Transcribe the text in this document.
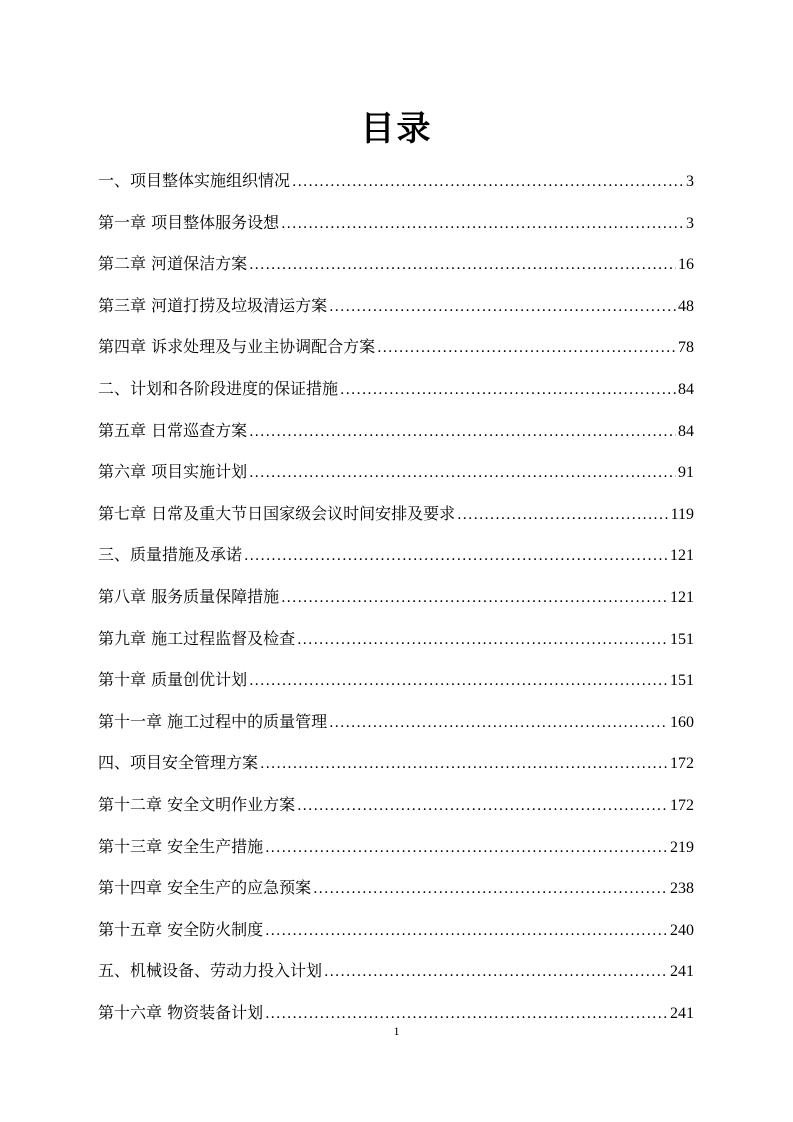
目录
一、项目整体实施组织情况 .....	3
第一章 项目整体服务设想 .....	3
第二章 河道保洁方案 .....	16
第三章 河道打捞及垃圾清运方案 .....	48
第四章 诉求处理及与业主协调配合方案 .....	78
二、计划和各阶段进度的保证措施 .....	84
第五章 日常巡查方案 .....	84
第六章 项目实施计划 .....	91
第七章 日常及重大节日国家级会议时间安排及要求 .....	119
三、质量措施及承诺 .....	121
第八章 服务质量保障措施 .....	121
第九章 施工过程监督及检查 .....	151
第十章 质量创优计划 .....	151
第十一章 施工过程中的质量管理 .....	160
四、项目安全管理方案 .....	172
第十二章 安全文明作业方案 .....	172
第十三章 安全生产措施 .....	219
第十四章 安全生产的应急预案 .....	238
第十五章 安全防火制度 .....	240
五、机械设备、劳动力投入计划 .....	241
第十六章 物资装备计划 .....	241
1
